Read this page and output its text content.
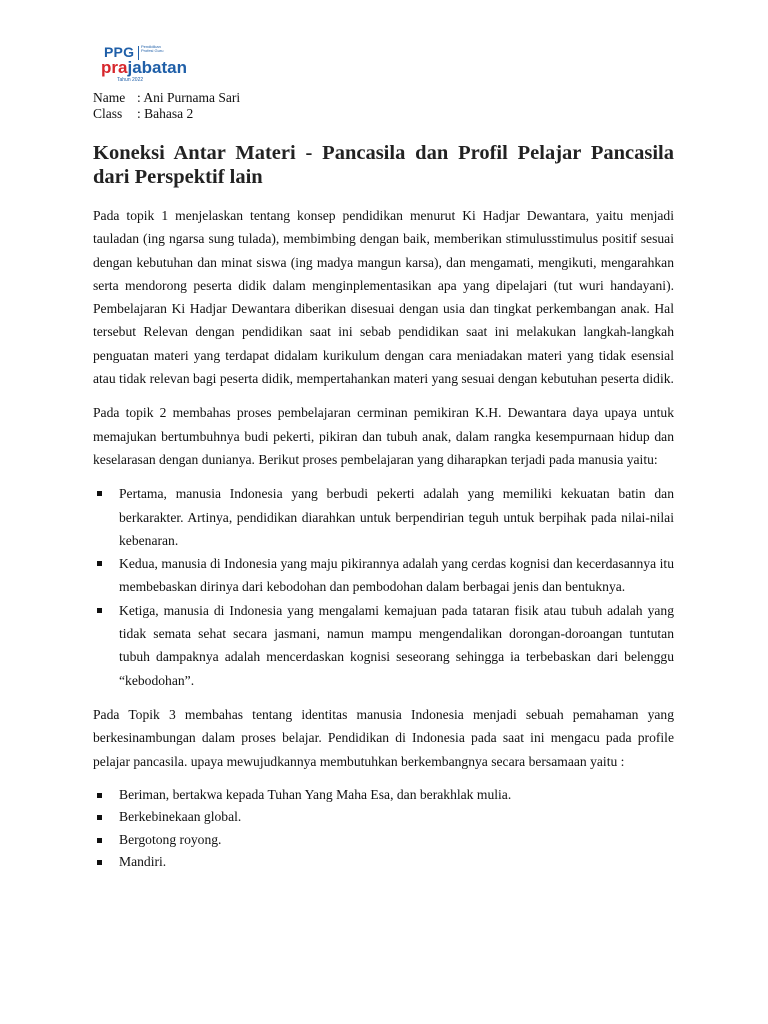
PPG Pendidikan Profesi Guru
prajabatan
Tahun 2022
Name : Ani Purnama Sari
Class	: Bahasa 2
Koneksi Antar Materi - Pancasila dan Profil Pelajar Pancasila dari Perspektif lain

Pada topik 1 menjelaskan tentang konsep pendidikan menurut Ki Hadjar Dewantara, yaitu menjadi tauladan (ing ngarsa sung tulada), membimbing dengan baik, memberikan stimulusstimulus positif sesuai dengan kebutuhan dan minat siswa (ing madya mangun karsa), dan mengamati, mengikuti, mengarahkan serta mendorong peserta didik dalam menginplementasikan apa yang dipelajari (tut wuri handayani). Pembelajaran Ki Hadjar Dewantara diberikan disesuai dengan usia dan tingkat perkembangan anak. Hal tersebut Relevan dengan pendidikan saat ini sebab pendidikan saat ini melakukan langkah-langkah penguatan materi yang terdapat didalam kurikulum dengan cara meniadakan materi yang tidak esensial atau tidak relevan bagi peserta didik, mempertahankan materi yang sesuai dengan kebutuhan peserta didik.

Pada topik 2 membahas proses pembelajaran cerminan pemikiran K.H. Dewantara daya upaya untuk memajukan bertumbuhnya budi pekerti, pikiran dan tubuh anak, dalam rangka kesempurnaan hidup dan keselarasan dengan dunianya. Berikut proses pembelajaran yang diharapkan terjadi pada manusia yaitu:

Pertama, manusia Indonesia yang berbudi pekerti adalah yang memiliki kekuatan batin dan berkarakter. Artinya, pendidikan diarahkan untuk berpendirian teguh untuk berpihak pada nilai-nilai kebenaran.
Kedua, manusia di Indonesia yang maju pikirannya adalah yang cerdas kognisi dan kecerdasannya itu membebaskan dirinya dari kebodohan dan pembodohan dalam berbagai jenis dan bentuknya.
Ketiga, manusia di Indonesia yang mengalami kemajuan pada tataran fisik atau tubuh adalah yang tidak semata sehat secara jasmani, namun mampu mengendalikan dorongan-doroangan tuntutan tubuh dampaknya adalah mencerdaskan kognisi seseorang sehingga ia terbebaskan dari belenggu “kebodohan”.

Pada Topik 3 membahas tentang identitas manusia Indonesia menjadi sebuah pemahaman yang berkesinambungan dalam proses belajar. Pendidikan di Indonesia pada saat ini mengacu pada profile pelajar pancasila. upaya mewujudkannya membutuhkan berkembangnya secara bersamaan yaitu :

Beriman, bertakwa kepada Tuhan Yang Maha Esa, dan berakhlak mulia.
Berkebinekaan global.
Bergotong royong.
Mandiri.
